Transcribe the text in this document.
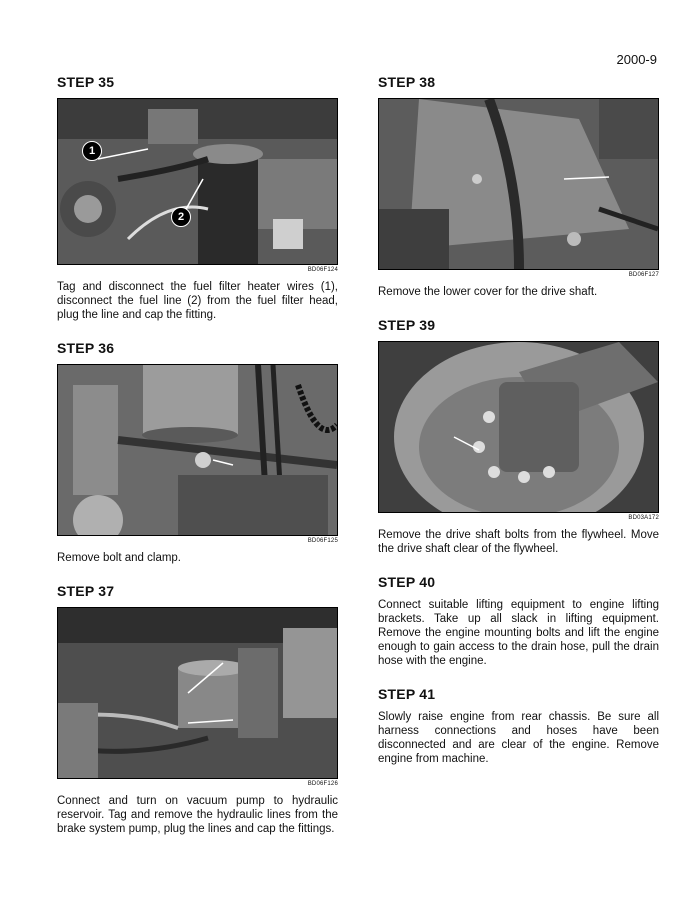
2000-9
STEP 35
1
2
BD06F124

Tag and disconnect the fuel filter heater wires (1), disconnect the fuel line (2) from the fuel filter head, plug the line and cap the fitting.

STEP 36
BD06F125

Remove bolt and clamp.

STEP 37
BD06F126

Connect and turn on vacuum pump to hydraulic reservoir. Tag and remove the hydraulic lines from the brake system pump, plug the lines and cap the fittings.

STEP 38
BD06F127

Remove the lower cover for the drive shaft.

STEP 39
BD03A172

Remove the drive shaft bolts from the flywheel. Move the drive shaft clear of the flywheel.

STEP 40

Connect suitable lifting equipment to engine lifting brackets. Take up all slack in lifting equipment. Remove the engine mounting bolts and lift the engine enough to gain access to the drain hose, pull the drain hose with the engine.

STEP 41

Slowly raise engine from rear chassis. Be sure all harness connections and hoses have been disconnected and are clear of the engine. Remove engine from machine.
